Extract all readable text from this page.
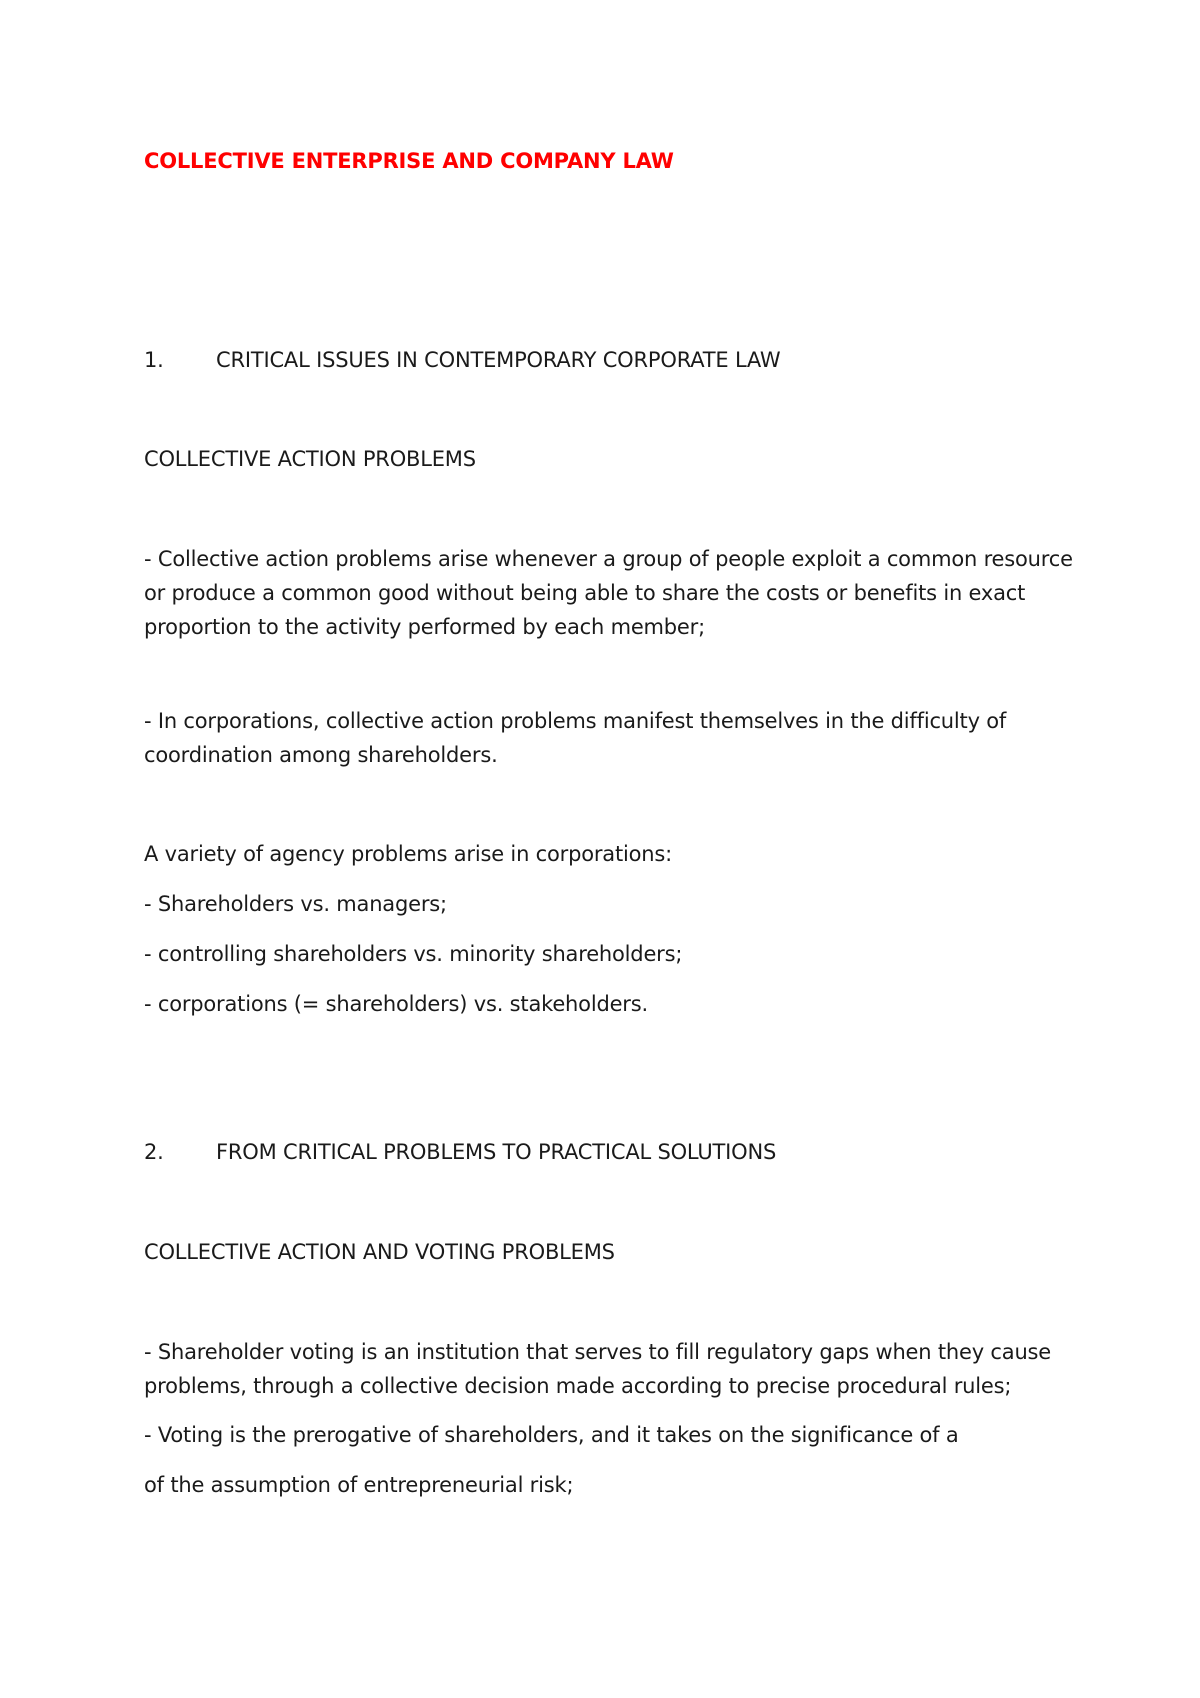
COLLECTIVE ENTERPRISE AND COMPANY LAW
1. CRITICAL ISSUES IN CONTEMPORARY CORPORATE LAW
COLLECTIVE ACTION PROBLEMS
- Collective action problems arise whenever a group of people exploit a common resource
or produce a common good without being able to share the costs or benefits in exact
proportion to the activity performed by each member;
- In corporations, collective action problems manifest themselves in the difficulty of
coordination among shareholders.
A variety of agency problems arise in corporations:
- Shareholders vs. managers;
- controlling shareholders vs. minority shareholders;
- corporations (= shareholders) vs. stakeholders.
2. FROM CRITICAL PROBLEMS TO PRACTICAL SOLUTIONS
COLLECTIVE ACTION AND VOTING PROBLEMS
- Shareholder voting is an institution that serves to fill regulatory gaps when they cause
problems, through a collective decision made according to precise procedural rules;
- Voting is the prerogative of shareholders, and it takes on the significance of a
of the assumption of entrepreneurial risk;
